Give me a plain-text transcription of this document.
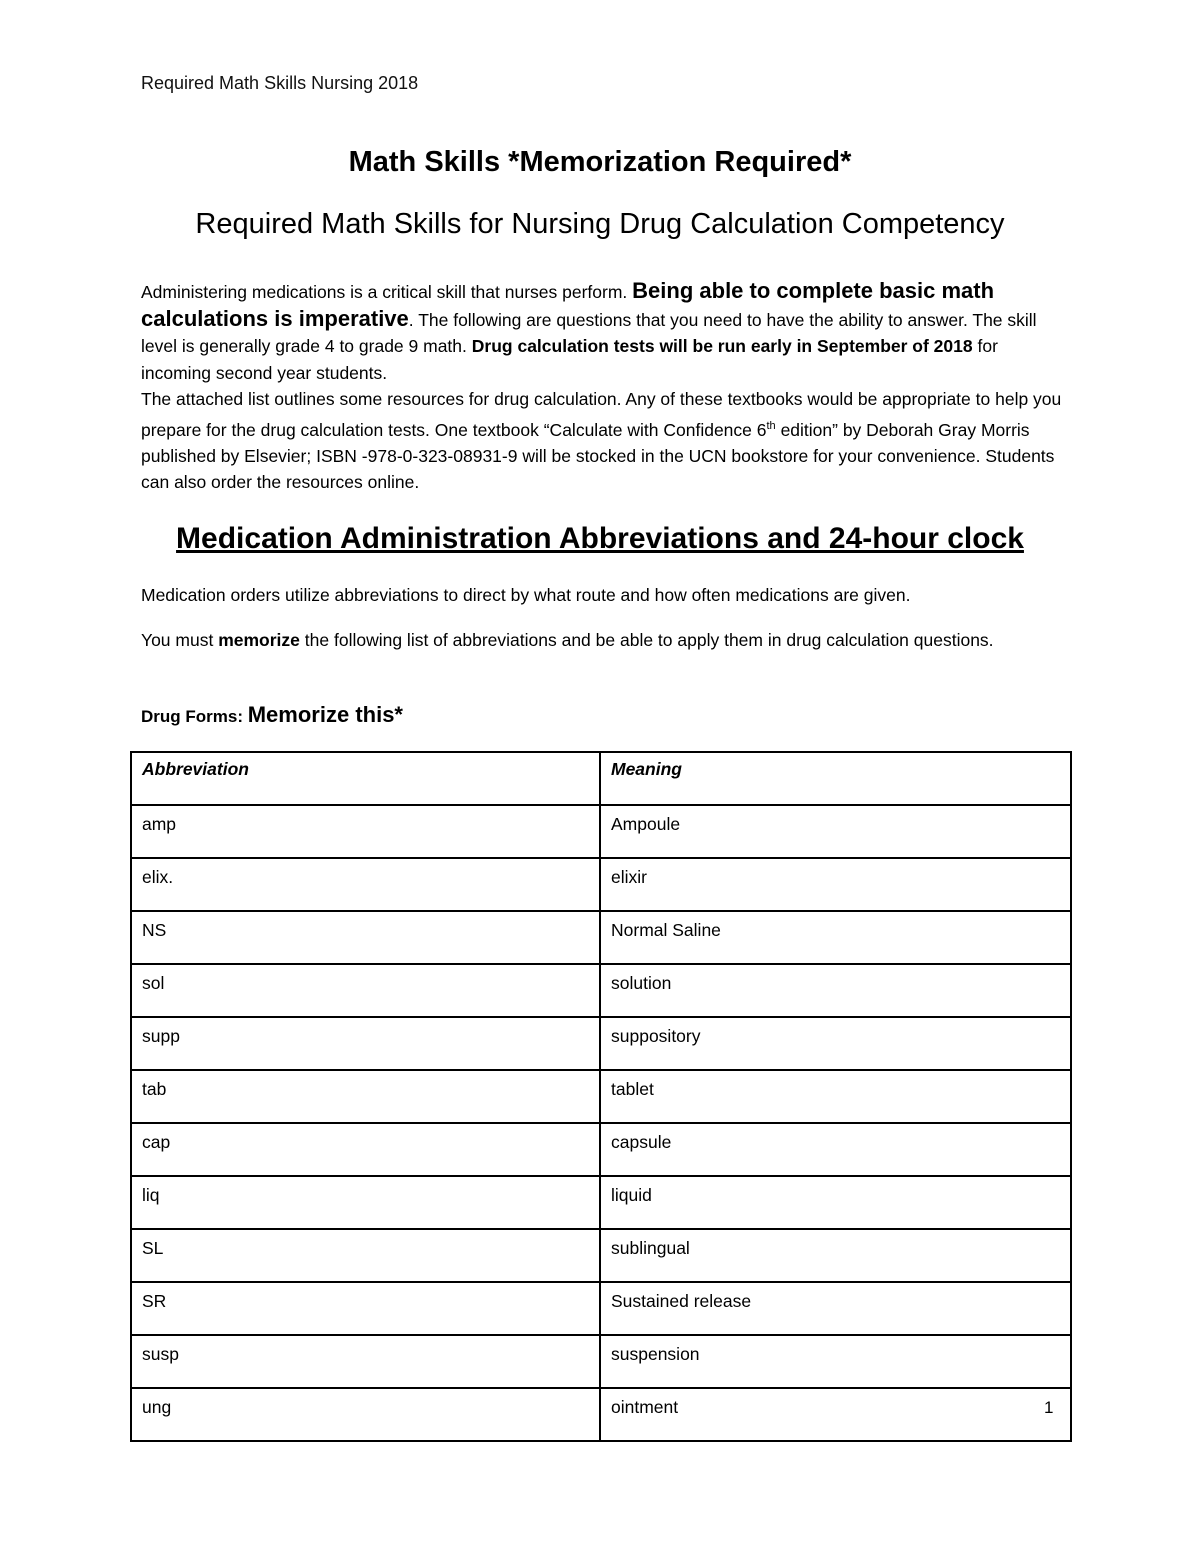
Required Math Skills Nursing 2018
Math Skills *Memorization Required*
Required Math Skills for Nursing Drug Calculation Competency
Administering medications is a critical skill that nurses perform. Being able to complete basic math calculations is imperative. The following are questions that you need to have the ability to answer. The skill level is generally grade 4 to grade 9 math. Drug calculation tests will be run early in September of 2018 for incoming second year students.
The attached list outlines some resources for drug calculation. Any of these textbooks would be appropriate to help you prepare for the drug calculation tests. One textbook “Calculate with Confidence 6th edition” by Deborah Gray Morris published by Elsevier; ISBN -978-0-323-08931-9 will be stocked in the UCN bookstore for your convenience. Students can also order the resources online.
Medication Administration Abbreviations and 24-hour clock
Medication orders utilize abbreviations to direct by what route and how often medications are given.
You must memorize the following list of abbreviations and be able to apply them in drug calculation questions.
Drug Forms: Memorize this*
Abbreviation	Meaning
amp	Ampoule
elix.	elixir
NS	Normal Saline
sol	solution
supp	suppository
tab	tablet
cap	capsule
liq	liquid
SL	sublingual
SR	Sustained release
susp	suspension
ung	ointment	1
